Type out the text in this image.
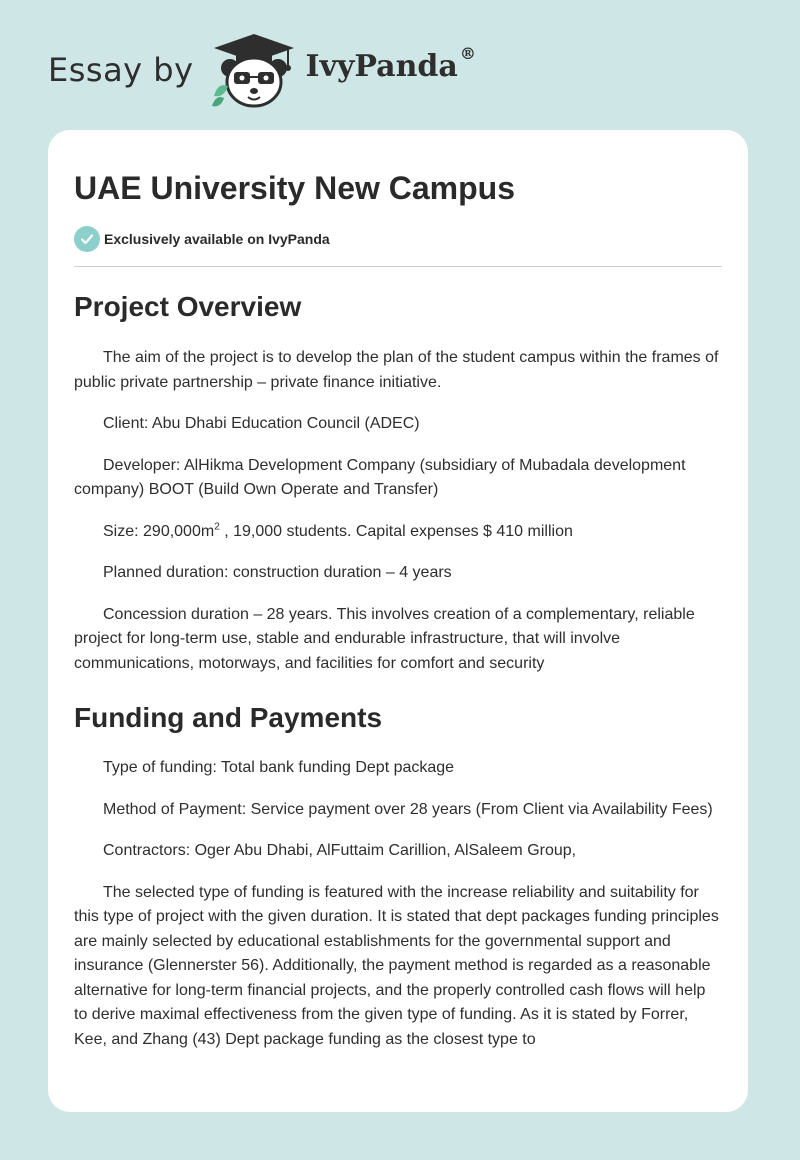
Essay by	IvyPanda ®
UAE University New Campus
Exclusively available on IvyPanda
Project Overview

The aim of the project is to develop the plan of the student campus within the frames of public private partnership – private finance initiative.

Client: Abu Dhabi Education Council (ADEC)

Developer: AlHikma Development Company (subsidiary of Mubadala development company) BOOT (Build Own Operate and Transfer)

Size: $290,000m^2$ , 19,000 students. Capital expenses $ 410 million

Planned duration: construction duration – 4 years

Concession duration – 28 years. This involves creation of a complementary, reliable project for long-term use, stable and endurable infrastructure, that will involve communications, motorways, and facilities for comfort and security

Funding and Payments

Type of funding: Total bank funding Dept package

Method of Payment: Service payment over 28 years (From Client via Availability Fees)

Contractors: Oger Abu Dhabi, AlFuttaim Carillion, AlSaleem Group,

The selected type of funding is featured with the increase reliability and suitability for this type of project with the given duration. It is stated that dept packages funding principles are mainly selected by educational establishments for the governmental support and insurance (Glennerster 56). Additionally, the payment method is regarded as a reasonable alternative for long-term financial projects, and the properly controlled cash flows will help to derive maximal effectiveness from the given type of funding. As it is stated by Forrer, Kee, and Zhang (43) Dept package funding as the closest type to
